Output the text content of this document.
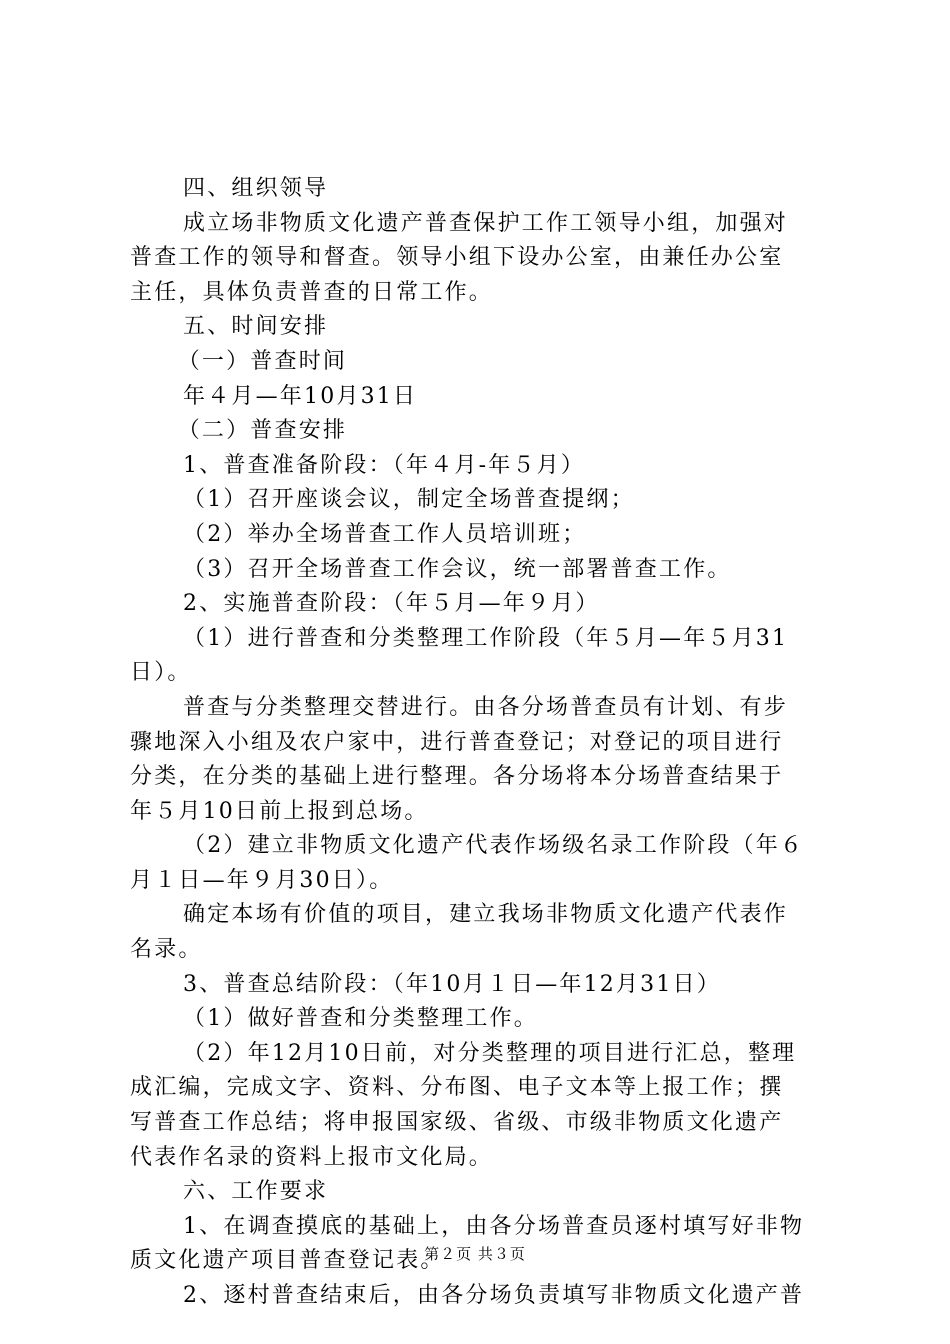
四、组织领导
成立场非物质文化遗产普查保护工作工领导小组，加强对
普查工作的领导和督查。领导小组下设办公室，由兼任办公室
主任，具体负责普查的日常工作。
五、时间安排
（一）普查时间
年４月—年10月31日
（二）普查安排
1、普查准备阶段：（年４月-年５月）
（1）召开座谈会议，制定全场普查提纲；
（2）举办全场普查工作人员培训班；
（3）召开全场普查工作会议，统一部署普查工作。
2、实施普查阶段：（年５月—年９月）
（1）进行普查和分类整理工作阶段（年５月—年５月31
日）。
普查与分类整理交替进行。由各分场普查员有计划、有步
骤地深入小组及农户家中，进行普查登记；对登记的项目进行
分类，在分类的基础上进行整理。各分场将本分场普查结果于
年５月10日前上报到总场。
（2）建立非物质文化遗产代表作场级名录工作阶段（年６
月１日—年９月30日）。
确定本场有价值的项目，建立我场非物质文化遗产代表作
名录。
3、普查总结阶段：（年10月１日—年12月31日）
（1）做好普查和分类整理工作。
（2）年12月10日前，对分类整理的项目进行汇总，整理
成汇编，完成文字、资料、分布图、电子文本等上报工作；撰
写普查工作总结；将申报国家级、省级、市级非物质文化遗产
代表作名录的资料上报市文化局。
六、工作要求
1、在调查摸底的基础上，由各分场普查员逐村填写好非物
质文化遗产项目普查登记表。
2、逐村普查结束后，由各分场负责填写非物质文化遗产普
第２页 共３页
